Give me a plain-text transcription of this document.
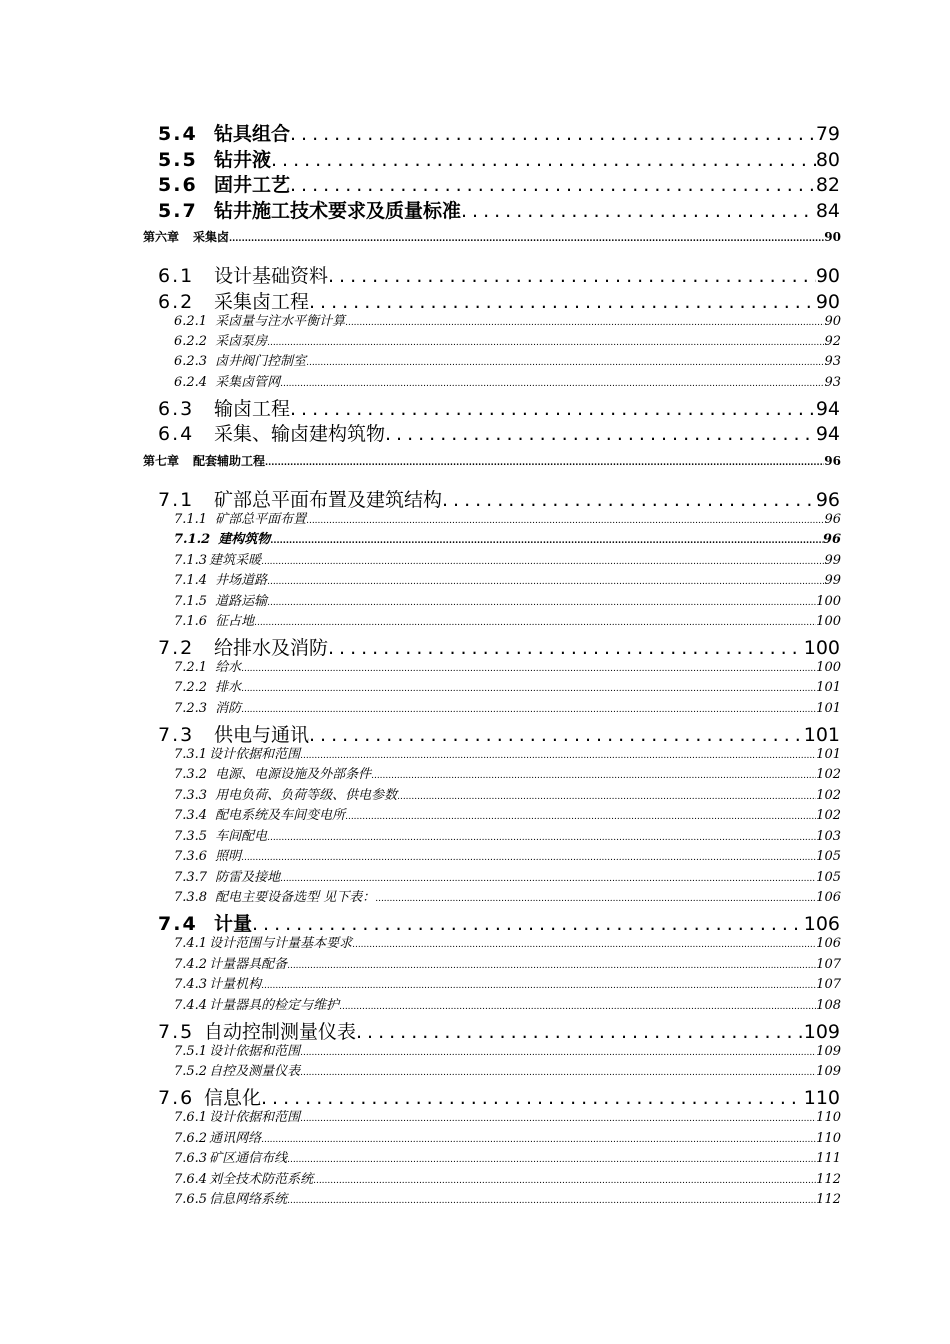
5.4 钻具组合 .....	79
5.5 钻井液 .....	80
5.6 固井工艺 .....	82
5.7 钻井施工技术要求及质量标准 .....	84
第六章 采集卤 .....	90
6.1	设计基础资料 .....	90
6.2	采集卤工程 .....	90
6.2.1 采卤量与注水平衡计算 .....	90
6.2.2 采卤泵房 .....	92
6.2.3 卤井阀门控制室 .....	93
6.2.4 采集卤管网 .....	93
6.3	输卤工程 .....	94
6.4	采集、输卤建构筑物 .....	94
第七章 配套辅助工程 .....	96
7.1	矿部总平面布置及建筑结构 .....	96
7.1.1 矿部总平面布置 .....	96
7.1.2 建构筑物 .....	96
7.1.3 建筑采暖 .....	99
7.1.4 井场道路 .....	99
7.1.5 道路运输 .....	100
7.1.6 征占地 .....	100
7.2	给排水及消防 .....	100
7.2.1 给水 .....	100
7.2.2 排水 .....	101
7.2.3 消防 .....	101
7.3	供电与通讯 .....	101
7.3.1 设计依据和范围 .....	101
7.3.2 电源、电源设施及外部条件 .....	102
7.3.3 用电负荷、负荷等级、供电参数 .....	102
7.3.4 配电系统及车间变电所 .....	102
7.3.5 车间配电 .....	103
7.3.6 照明 .....	105
7.3.7 防雷及接地 .....	105
7.3.8 配电主要设备选型 见下表： .....	106
7.4 计量 .....	106
7.4.1 设计范围与计量基本要求 .....	106
7.4.2 计量器具配备 .....	107
7.4.3 计量机构 .....	107
7.4.4 计量器具的检定与维护 .....	108
7.5 自动控制测量仪表 .....	109
7.5.1 设计依据和范围 .....	109
7.5.2 自控及测量仪表 .....	109
7.6 信息化 .....	110
7.6.1 设计依据和范围 .....	110
7.6.2 通讯网络 .....	110
7.6.3 矿区通信布线 .....	111
7.6.4 刘全技术防范系统 .....	112
7.6.5 信息网络系统 .....	112
